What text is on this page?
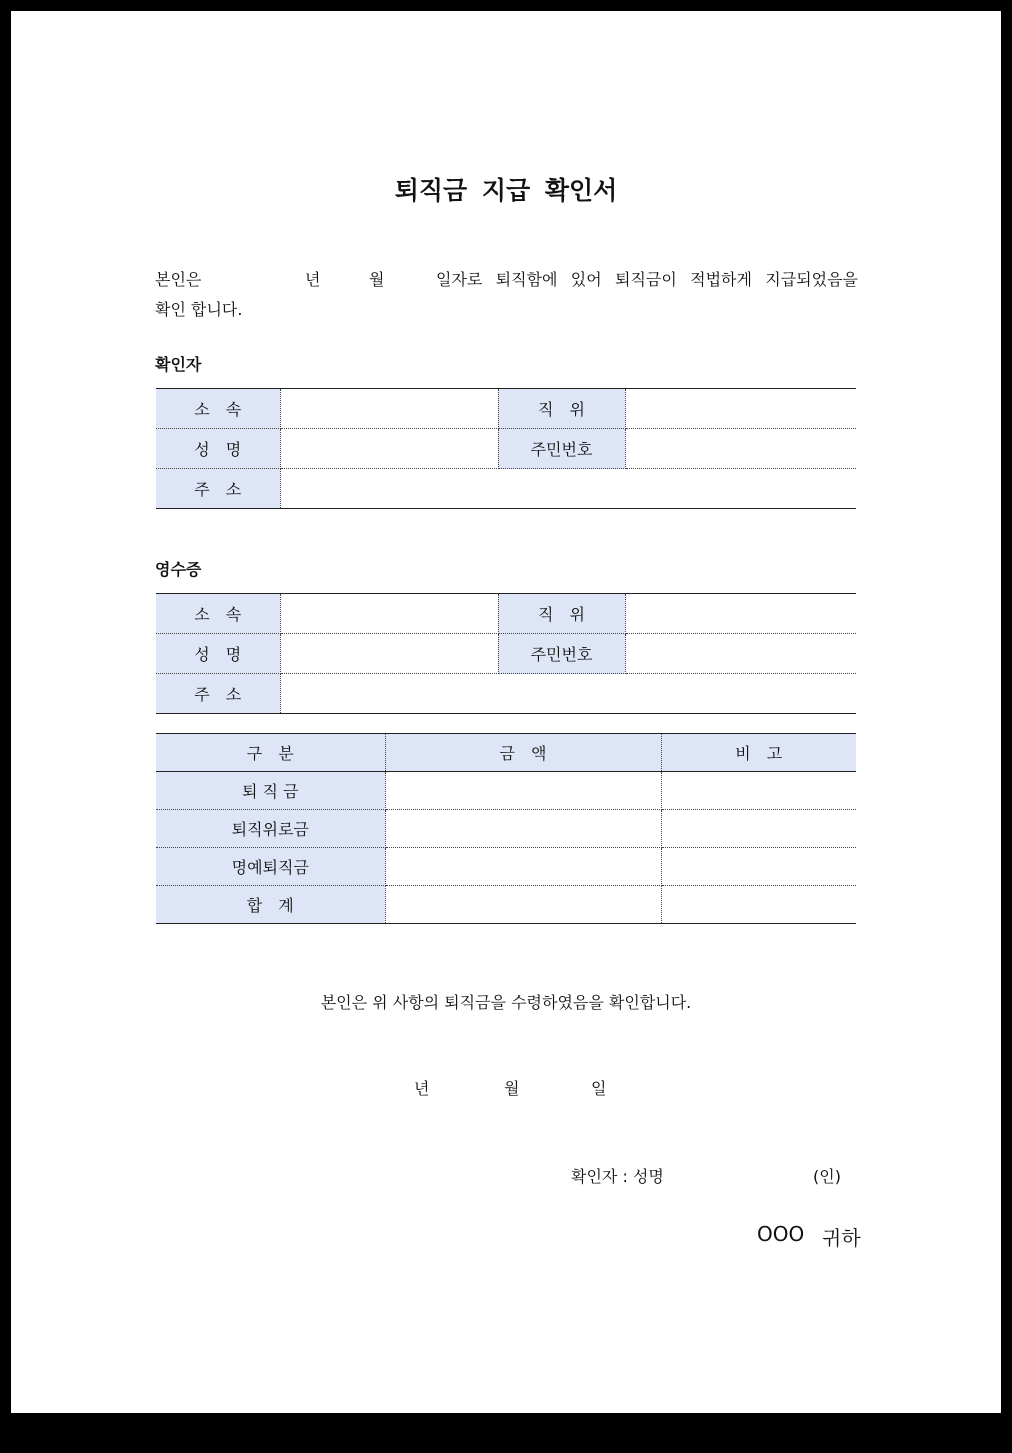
퇴직금 지급 확인서
본인은	년	월	일자로 퇴직함에 있어 퇴직금이 적법하게 지급되었음을
확인 합니다.
확인자
소　속		직　위	
성　명		주민번호	
주　소			
영수증
소　속		직　위	
성　명		주민번호	
주　소			
구　분	금　액	비　고
퇴 직 금		
퇴직위로금		
명예퇴직금		
합　계		
본인은 위 사항의 퇴직금을 수령하였음을 확인합니다.
년	월	일
확인자 : 성명	(인)
OOO 귀하
